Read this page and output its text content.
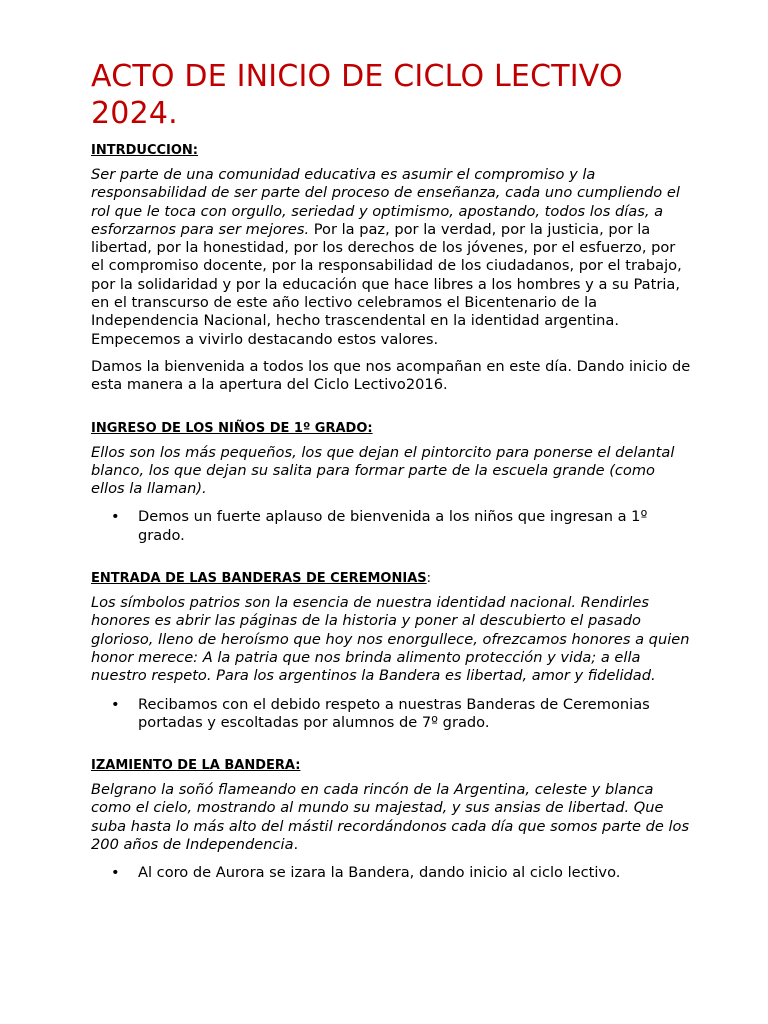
ACTO DE INICIO DE CICLO LECTIVO 2024.
INTRDUCCION:

Ser parte de una comunidad educativa es asumir el compromiso y la responsabilidad de ser parte del proceso de enseñanza, cada uno cumpliendo el rol que le toca con orgullo, seriedad y optimismo, apostando, todos los días, a esforzarnos para ser mejores. Por la paz, por la verdad, por la justicia, por la libertad, por la honestidad, por los derechos de los jóvenes, por el esfuerzo, por el compromiso docente, por la responsabilidad de los ciudadanos, por el trabajo, por la solidaridad y por la educación que hace libres a los hombres y a su Patria, en el transcurso de este año lectivo celebramos el Bicentenario de la Independencia Nacional, hecho trascendental en la identidad argentina. Empecemos a vivirlo destacando estos valores.

Damos la bienvenida a todos los que nos acompañan en este día. Dando inicio de esta manera a la apertura del Ciclo Lectivo2016.

INGRESO DE LOS NIÑOS DE 1º GRADO:

Ellos son los más pequeños, los que dejan el pintorcito para ponerse el delantal blanco, los que dejan su salita para formar parte de la escuela grande (como ellos la llaman).

• Demos un fuerte aplauso de bienvenida a los niños que ingresan a 1º grado.
ENTRADA DE LAS BANDERAS DE CEREMONIAS:

Los símbolos patrios son la esencia de nuestra identidad nacional. Rendirles honores es abrir las páginas de la historia y poner al descubierto el pasado glorioso, lleno de heroísmo que hoy nos enorgullece, ofrezcamos honores a quien honor merece: A la patria que nos brinda alimento protección y vida; a ella nuestro respeto. Para los argentinos la Bandera es libertad, amor y fidelidad.

• Recibamos con el debido respeto a nuestras Banderas de Ceremonias portadas y escoltadas por alumnos de 7º grado.
IZAMIENTO DE LA BANDERA:

Belgrano la soñó flameando en cada rincón de la Argentina, celeste y blanca como el cielo, mostrando al mundo su majestad, y sus ansias de libertad. Que suba hasta lo más alto del mástil recordándonos cada día que somos parte de los 200 años de Independencia.

• Al coro de Aurora se izara la Bandera, dando inicio al ciclo lectivo.
